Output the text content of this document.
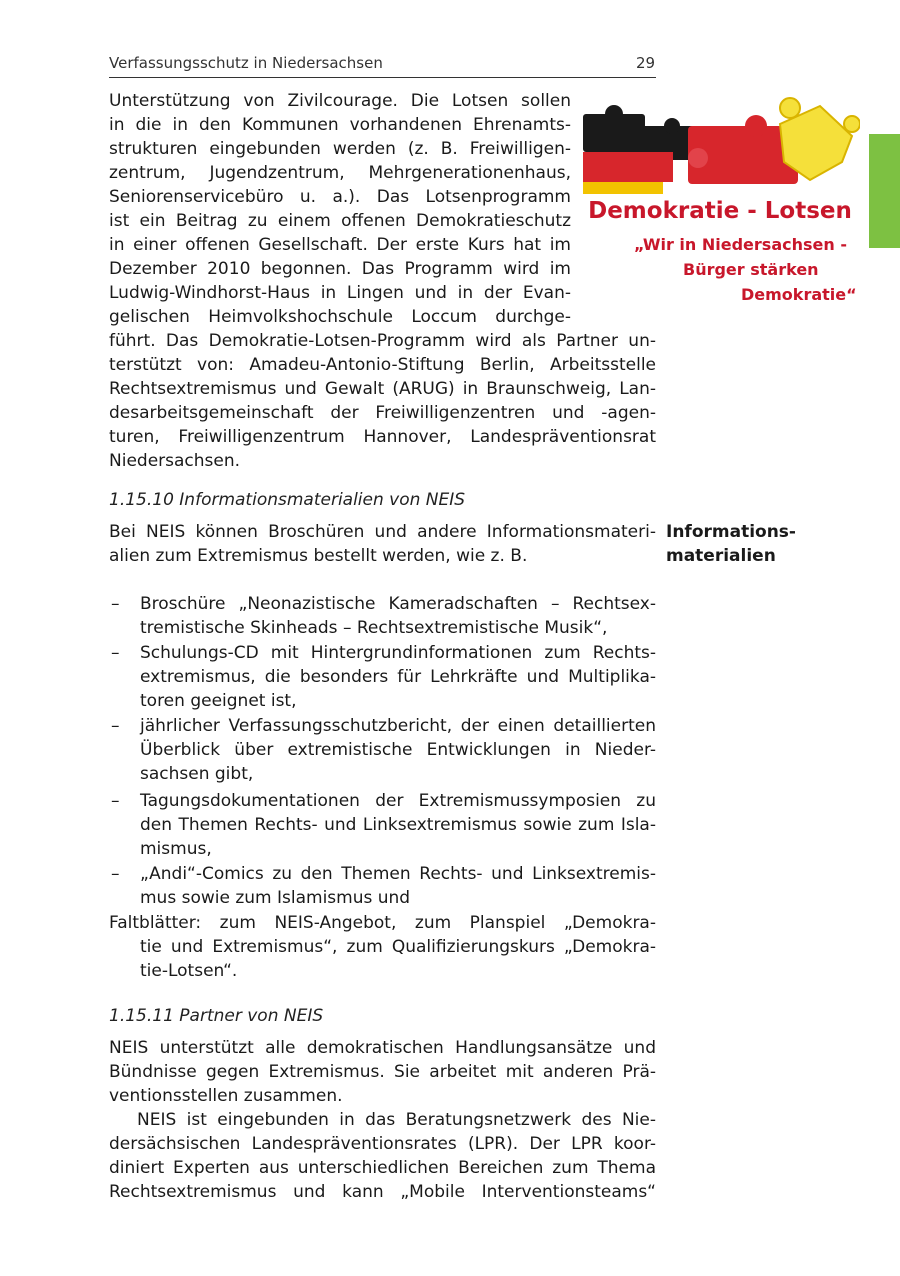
Verfassungsschutz in Niedersachsen	29
Demokratie - Lotsen
„Wir in Niedersachsen -
Bürger stärken
Demokratie“
Unterstützung von Zivilcourage. Die Lotsen sollen
in die in den Kommunen vorhandenen Ehrenamts-
strukturen eingebunden werden (z. B. Freiwilligen-
zentrum, Jugendzentrum, Mehrgenerationenhaus,
Seniorenservicebüro u. a.). Das Lotsenprogramm
ist ein Beitrag zu einem offenen Demokratieschutz
in einer offenen Gesellschaft. Der erste Kurs hat im
Dezember 2010 begonnen. Das Programm wird im
Ludwig-Windhorst-Haus in Lingen und in der Evan-
gelischen Heimvolkshochschule Loccum durchge-
führt. Das Demokratie-Lotsen-Programm wird als Partner un-
terstützt von: Amadeu-Antonio-Stiftung Berlin, Arbeitsstelle
Rechtsextremismus und Gewalt (ARUG) in Braunschweig, Lan-
desarbeitsgemeinschaft der Freiwilligenzentren und -agen-
turen, Freiwilligenzentrum Hannover, Landespräventionsrat
Niedersachsen.
1.15.10 Informationsmaterialien von NEIS
Bei NEIS können Broschüren und andere Informationsmateri-
alien zum Extremismus bestellt werden, wie z. B.
Informations-
materialien
– Broschüre „Neonazistische Kameradschaften – Rechtsex-
tremistische Skinheads – Rechtsextremistische Musik“,
– Schulungs-CD mit Hintergrundinformationen zum Rechts-
extremismus, die besonders für Lehrkräfte und Multiplika-
toren geeignet ist,
– jährlicher Verfassungsschutzbericht, der einen detaillierten
Überblick über extremistische Entwicklungen in Nieder-
sachsen gibt,
– Tagungsdokumentationen der Extremismussymposien zu
den Themen Rechts- und Linksextremismus sowie zum Isla-
mismus,
– „Andi“-Comics zu den Themen Rechts- und Linksextremis-
mus sowie zum Islamismus und
Faltblätter: zum NEIS-Angebot, zum Planspiel „Demokra-
tie und Extremismus“, zum Qualifizierungskurs „Demokra-
tie-Lotsen“.
1.15.11 Partner von NEIS
NEIS unterstützt alle demokratischen Handlungsansätze und
Bündnisse gegen Extremismus. Sie arbeitet mit anderen Prä-
ventionsstellen zusammen.
NEIS ist eingebunden in das Beratungsnetzwerk des Nie-
dersächsischen Landespräventionsrates (LPR). Der LPR koor-
diniert Experten aus unterschiedlichen Bereichen zum Thema
Rechtsextremismus und kann „Mobile Interventionsteams“
